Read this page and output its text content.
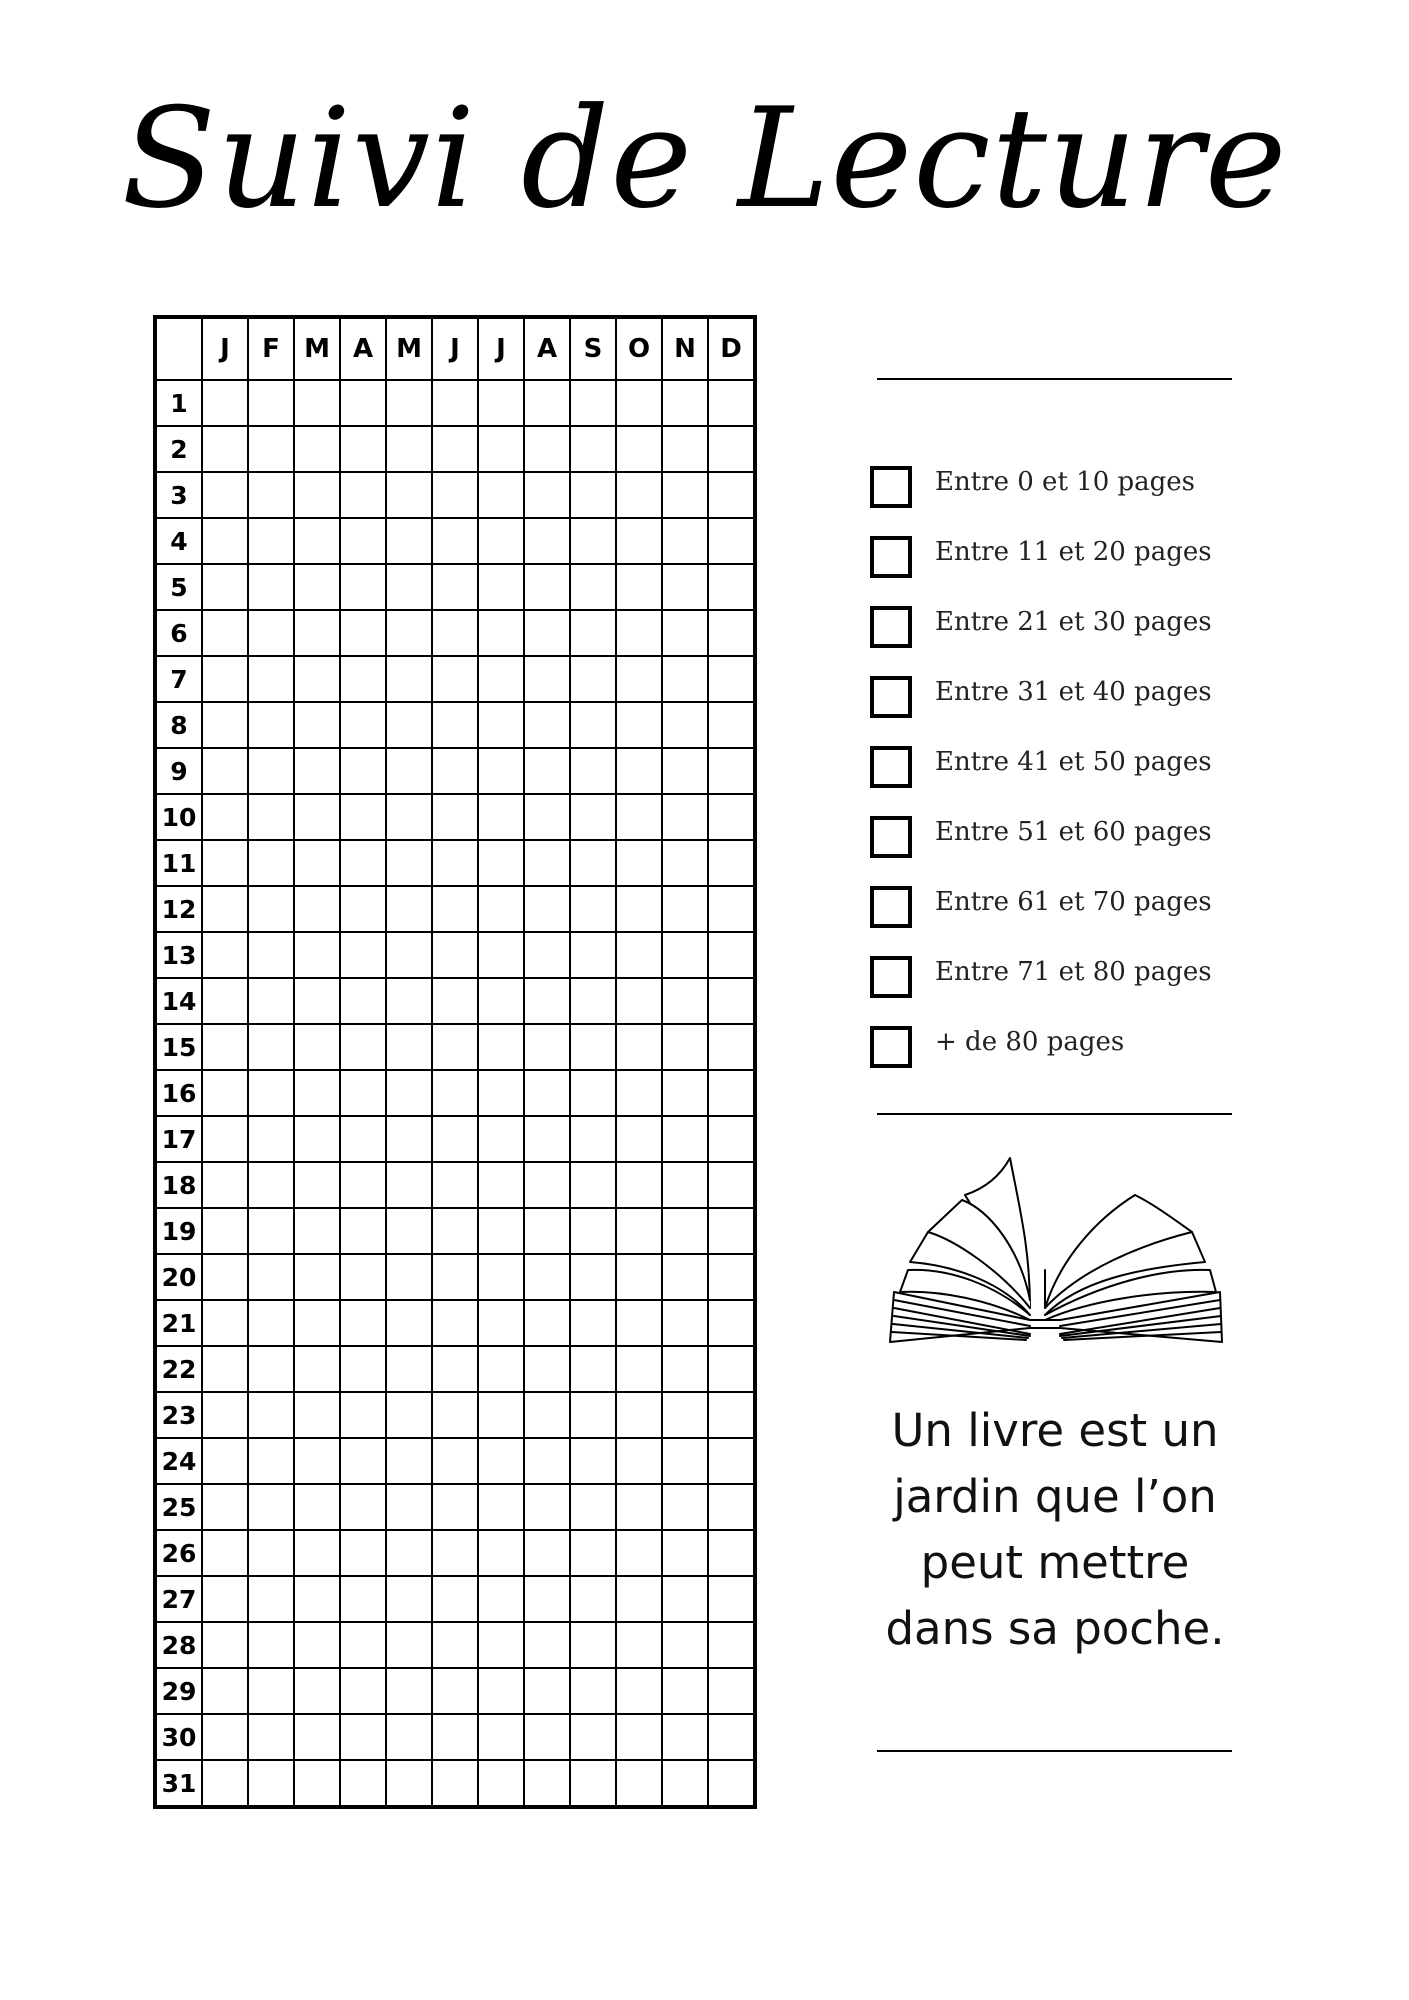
Suivi de Lecture
	J	F	M	A	M	J	J	A	S	O	N	D
1												
2												
3												
4												
5												
6												
7												
8												
9												
10												
11												
12												
13												
14												
15												
16												
17												
18												
19												
20												
21												
22												
23												
24												
25												
26												
27												
28												
29												
30												
31												
Entre 0 et 10 pages
Entre 11 et 20 pages
Entre 21 et 30 pages
Entre 31 et 40 pages
Entre 41 et 50 pages
Entre 51 et 60 pages
Entre 61 et 70 pages
Entre 71 et 80 pages
+ de 80 pages
Un livre est un
jardin que l’on
peut mettre
dans sa poche.
